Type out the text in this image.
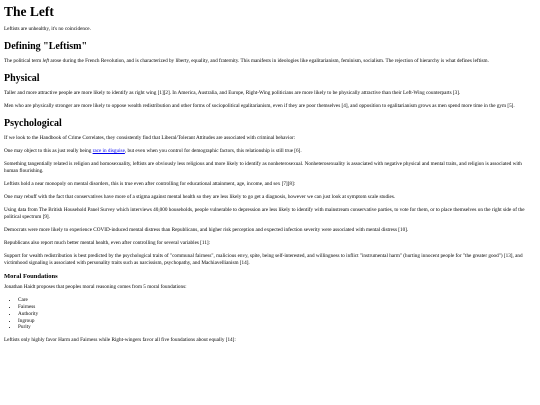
The Left

Leftists are unhealthy, it's no coincidence.

Defining "Leftism"

The political term left arose during the French Revolution, and is characterized by liberty, equality, and fraternity. This manifests in ideologies like egalitarianism, feminism, socialism. The rejection of hierarchy is what defines leftism.

Physical

Taller and more attractive people are more likely to identify as right wing [1][2]. In America, Australia, and Europe, Right-Wing politicians are more likely to be physically attractive than their Left-Wing counterparts [3].

Men who are physically stronger are more likely to oppose wealth redistribution and other forms of sociopolitical egalitarianism, even if they are poor themselves [4], and opposition to egalitarianism grows as men spend more time in the gym [5].

Psychological

If we look to the Handbook of Crime Correlates, they consistently find that Liberal/Tolerant Attitudes are associated with criminal behavior:

One may object to this as just really being race in disguise, but even when you control for demographic factors, this relationship is still true [6].

Something tangentially related is religion and homosexuality, leftists are obviously less religious and more likely to identify as nonheterosexual. Nonheterosexuality is associated with negative physical and mental traits, and religion is associated with human flourishing.

Leftists hold a near monopoly on mental disorders, this is true even after controlling for educational attainment, age, income, and sex [7][8]:

One may rebuff with the fact that conservatives have more of a stigma against mental health so they are less likely to go get a diagnosis, however we can just look at symptom scale studies.

Using data from The British Household Panel Survey which interviews 40,000 households, people vulnerable to depression are less likely to identify with mainstream conservative parties, to vote for them, or to place themselves on the right side of the political spectrum [9].

Democrats were more likely to experience COVID-induced mental distress than Republicans, and higher risk perception and expected infection severity were associated with mental distress [10].

Republicans also report much better mental health, even after controlling for several variables [11]:

Support for wealth redistribution is best predicted by the psychological traits of "communal fairness", malicious envy, spite, being self-interested, and willingness to inflict "instrumental harm" (hurting innocent people for "the greater good") [13], and victimhood signaling is associated with personality traits such as narcissism, psychopathy, and Machiavellianism [14].

Moral Foundations

Jonathan Haidt proposes that peoples moral reasoning comes from 5 moral foundations:

• Care
• Fairness
• Authority
• Ingroup
• Purity

Leftists only highly favor Harm and Fairness while Right-wingers favor all five foundations about equally [14]:
